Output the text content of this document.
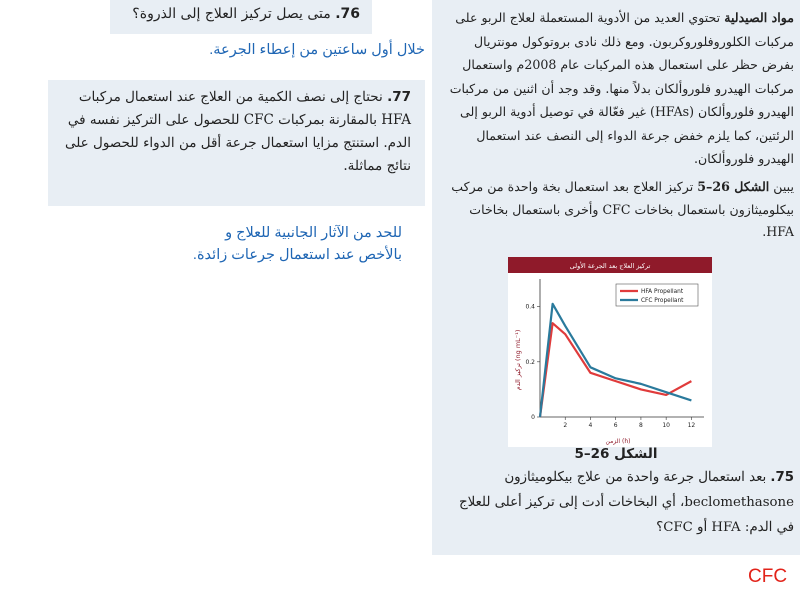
76. متى يصل تركيز العلاج إلى الذروة؟
خلال أول ساعتين من إعطاء الجرعة.
77. نحتاج إلى نصف الكمية من العلاج عند استعمال مركبات HFA بالمقارنة بمركبات CFC للحصول على التركيز نفسه في الدم. استنتج مزايا استعمال جرعة أقل من الدواء للحصول على نتائج مماثلة.
للحد من الآثار الجانبية للعلاج و بالأخص عند استعمال جرعات زائدة.
مواد الصيدلية تحتوي العديد من الأدوية المستعملة لعلاج الربو على مركبات الكلوروفلوروكربون. ومع ذلك نادى بروتوكول مونتريال بفرض حظر على استعمال هذه المركبات عام 2008م واستعمال مركبات الهيدرو فلوروألكان بدلاً منها. وقد وجد أن اثنين من مركبات الهيدرو فلوروألكان (HFAs) غير فعّالة في توصيل أدوية الربو إلى الرئتين، كما يلزم خفض جرعة الدواء إلى النصف عند استعمال الهيدرو فلوروألكان.
يبين الشكل 26–5 تركيز العلاج بعد استعمال بخة واحدة من مركب بيكلوميثازون باستعمال بخاخات CFC وأخرى باستعمال بخاخات HFA.
تركيز العلاج بعد الجرعة الأولى
2	4	6	8	10	12
0
0.2
0.4
HFA Propellant
CFC Propellant
تركيز الدم (ng mL⁻¹)
الزمن (h)
الشكل 26–5
75. بعد استعمال جرعة واحدة من علاج بيكلوميثازون beclomethasone، أي البخاخات أدت إلى تركيز أعلى للعلاج في الدم: HFA أو CFC؟
CFC
